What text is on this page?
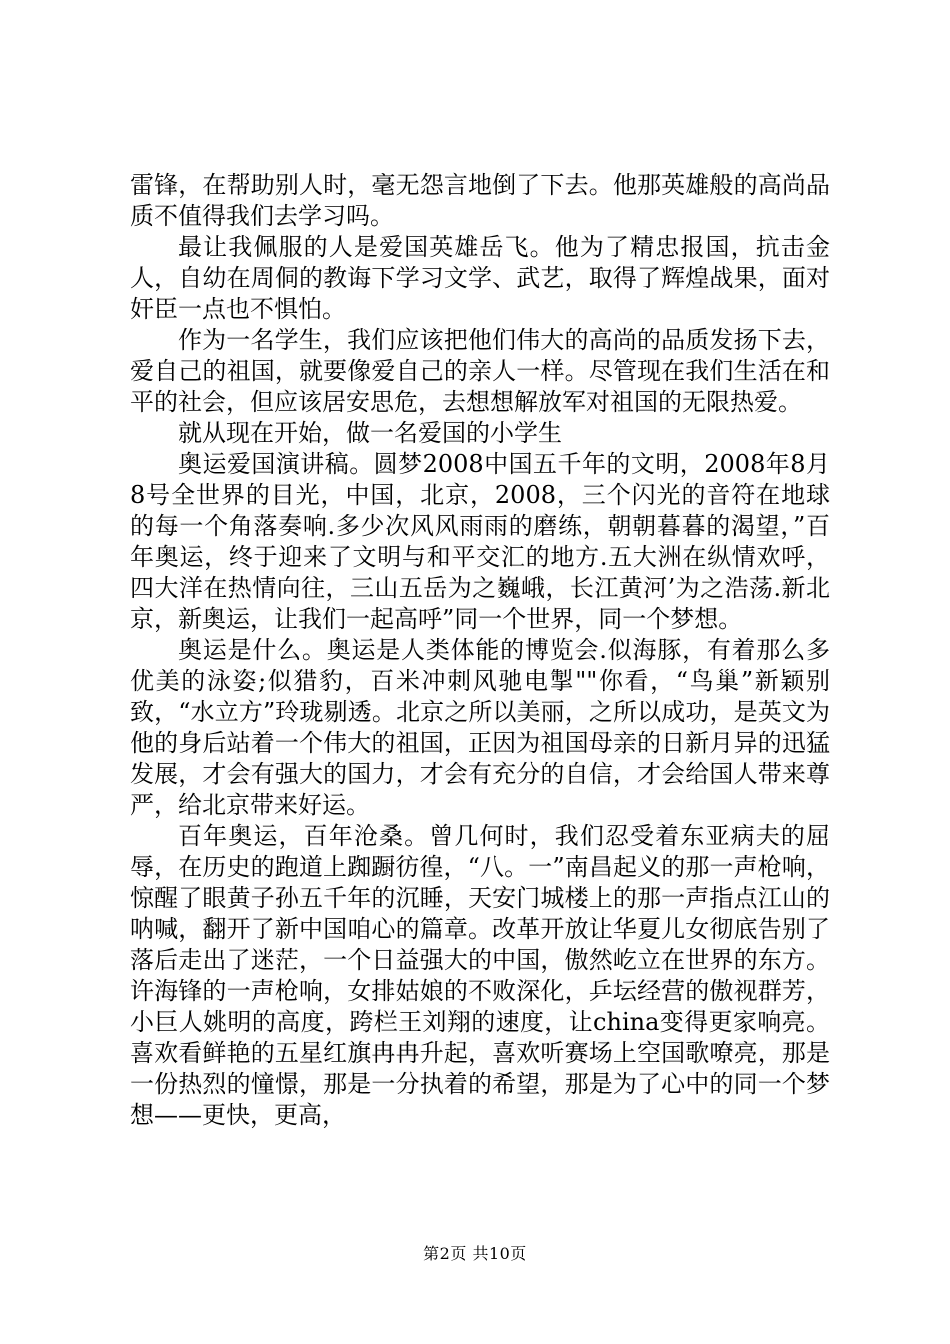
雷锋，在帮助别人时，毫无怨言地倒了下去。他那英雄般的高尚品质不值得我们去学习吗。

最让我佩服的人是爱国英雄岳飞。他为了精忠报国，抗击金人，自幼在周侗的教诲下学习文学、武艺，取得了辉煌战果，面对奸臣一点也不惧怕。

作为一名学生，我们应该把他们伟大的高尚的品质发扬下去，爱自己的祖国，就要像爱自己的亲人一样。尽管现在我们生活在和平的社会，但应该居安思危，去想想解放军对祖国的无限热爱。

就从现在开始，做一名爱国的小学生

奥运爱国演讲稿。圆梦2008中国五千年的文明，2008年8月8号全世界的目光，中国，北京，2008，三个闪光的音符在地球的每一个角落奏响.多少次风风雨雨的磨练，朝朝暮暮的渴望，”百年奥运，终于迎来了文明与和平交汇的地方.五大洲在纵情欢呼，四大洋在热情向往，三山五岳为之巍峨，长江黄河’为之浩荡.新北京，新奥运，让我们一起高呼”同一个世界，同一个梦想。

奥运是什么。奥运是人类体能的博览会.似海豚，有着那么多优美的泳姿;似猎豹，百米冲刺风驰电掣""你看，“鸟巢”新颖别致，“水立方”玲珑剔透。北京之所以美丽，之所以成功，是英文为他的身后站着一个伟大的祖国，正因为祖国母亲的日新月异的迅猛发展，才会有强大的国力，才会有充分的自信，才会给国人带来尊严，给北京带来好运。

百年奥运，百年沧桑。曾几何时，我们忍受着东亚病夫的屈辱，在历史的跑道上踟蹰彷徨，“八。一”南昌起义的那一声枪响，惊醒了眼黄子孙五千年的沉睡，天安门城楼上的那一声指点江山的呐喊，翻开了新中国咱心的篇章。改革开放让华夏儿女彻底告别了落后走出了迷茫，一个日益强大的中国，傲然屹立在世界的东方。许海锋的一声枪响，女排姑娘的不败深化，乒坛经营的傲视群芳，小巨人姚明的高度，跨栏王刘翔的速度，让china变得更家响亮。喜欢看鲜艳的五星红旗冉冉升起，喜欢听赛场上空国歌嘹亮，那是一份热烈的憧憬，那是一分执着的希望，那是为了心中的同一个梦想——更快，更高，

第2页 共10页
